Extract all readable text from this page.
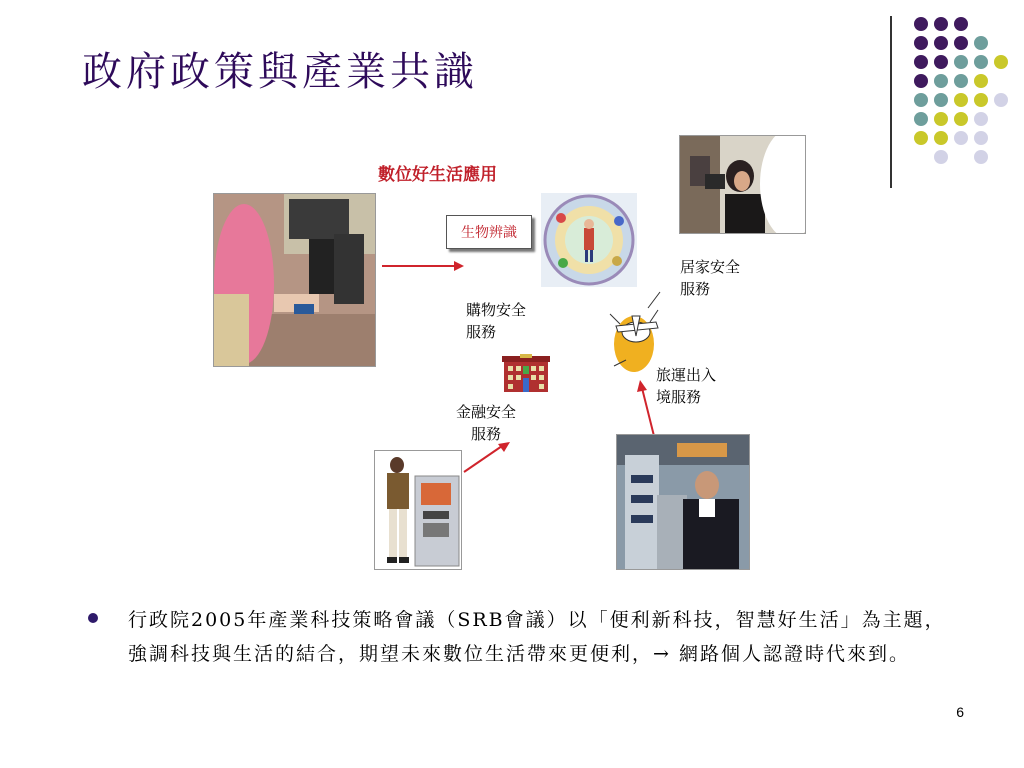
政府政策與產業共識
數位好生活應用
生物辨識
居家安全
服務
購物安全
服務
金融安全
服務
旅運出入
境服務
行政院2005年產業科技策略會議（SRB會議）以「便利新科技，智慧好生活」為主題，強調科技與生活的結合，期望未來數位生活帶來更便利，→ 網路個人認證時代來到。
6
